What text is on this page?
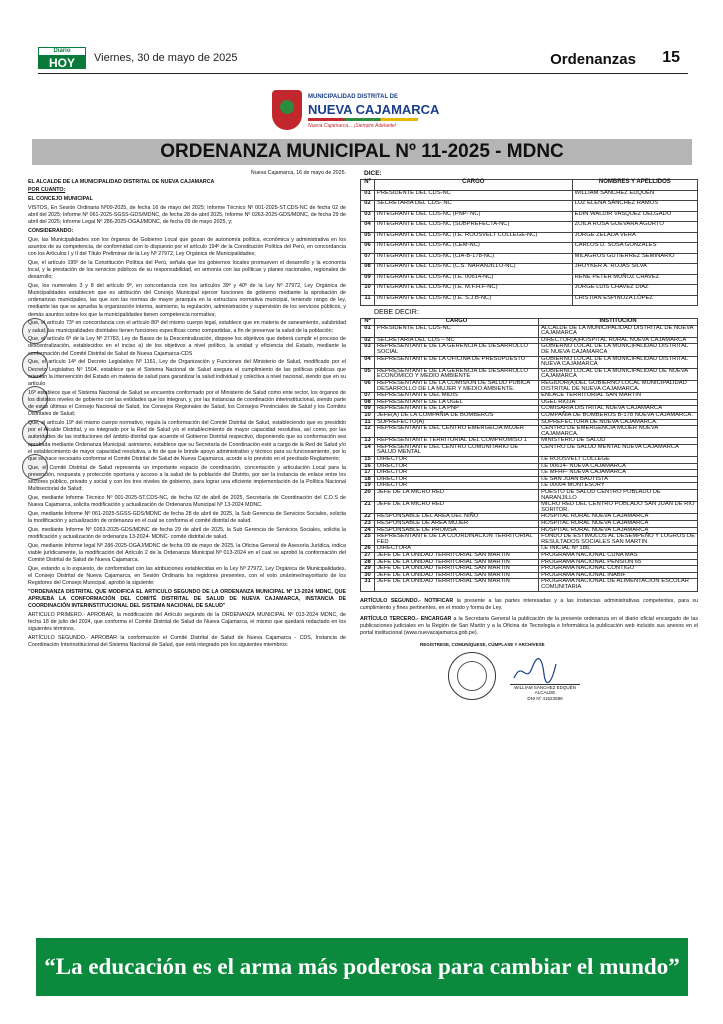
Diario
HOY	Viernes, 30 de mayo de 2025	Ordenanzas 15
MUNICIPALIDAD DISTRITAL DE
NUEVA CAJAMARCA
Nueva Cajamarca... ¡Siempre Adelante!
ORDENANZA MUNICIPAL Nº 11-2025 - MDNC

Nueva Cajamarca, 16 de mayo de 2025.

EL ALCALDE DE LA MUNICIPALIDAD DISTRITAL DE NUEVA CAJAMARCA

POR CUANTO:

EL CONCEJO MUNICIPAL

VISTOS, En Sesión Ordinaria Nº09-2025, de fecha 16 de mayo del 2025; Informe Técnico Nº 001-2025-ST.CDS-NC de fecha 02 de abril del 2025; Informe Nº 061-2025-SGSS-GDS/MDNC, de fecha 28 de abril 2025, Informe Nº 0263-2025-GDS/MDNC, de fecha 29 de abril del 2025; Informe Legal Nº 286-2025-OGAJ/MDNC, de fecha 09 de mayo 2025, y;

CONSIDERANDO:

Que, las Municipalidades son los órganos de Gobierno Local que gozan de autonomía política, económica y administrativa en los asuntos de su competencia, de conformidad con lo dispuesto por el artículo 194º de la Constitución Política del Perú, en concordancia con los Artículos I y II del Título Preliminar de la Ley Nº 27972, Ley Orgánica de Municipalidades;

Que, el artículo 195º de la Constitución Política del Perú, señala que los gobiernos locales promueven el desarrollo y la economía local, y la prestación de los servicios públicos de su responsabilidad, en armonía con las políticas y planes nacionales, regionales de desarrollo;

Que, los numerales 3 y 8 del artículo 9º, en concordancia con los artículos 39º y 40º de la Ley Nº 27972, Ley Orgánica de Municipalidades establecen que es atribución del Concejo Municipal ejercer funciones de gobierno mediante la aprobación de ordenanzas municipales, las que son las normas de mayor jerarquía en la estructura normativa municipal, teniendo rango de ley, mediante las que se aprueba la organización interna, asimismo, la regulación, administración y supervisión de los servicios públicos, y demás asuntos sobre los que la municipalidades tienen competencia normativa;

Que, el artículo 73º en concordancia con el artículo 80º del mismo cuerpo legal, establece que en materia de saneamiento, salubridad y salud, las municipalidades distritales tienen funciones específicas como compartidas, a fin de preservar la salud de la población;

Que, el artículo 6º de la Ley Nº 27783, Ley de Bases de la Descentralización, dispone los objetivos que deberá cumplir el proceso de descentralización, establecidos en el inciso a) de los objetivos a nivel político, la unidad y eficiencia del Estado, mediante la conformación del Comité Distrital de Salud de Nueva Cajamarca-CDS

Que, el artículo 14º del Decreto Legislativo Nº 1161, Ley de Organización y Funciones del Ministerio de Salud, modificado por el Decreto Legislativo Nº 1504, establece que el Sistema Nacional de Salud asegura el cumplimiento de las políticas públicas que orientan la intervención del Estado en materia de salud para garantizar la salud individual y colectiva a nivel nacional, siendo que en su artículo

16º establece que el Sistema Nacional de Salud se encuentra conformado por el Ministerio de Salud como ente rector, los órganos de los distintos niveles de gobierno con las entidades que los integran, y, por las instancias de coordinación interinstitucional, siendo parte de estas últimas el Consejo Nacional de Salud, los Consejos Regionales de Salud, los Consejos Provinciales de Salud y los Comités Distritales de Salud;

Que, el artículo 19º del mismo cuerpo normativo, regula la conformación del Comité Distrital de Salud, estableciendo que es presidido por el Alcalde Distrital, y es integrado por la Red de Salud y/o el establecimiento de mayor capacidad resolutiva, así como, por las autoridades de las instituciones del ámbito distrital que acuerde el Gobierno Distrital respectivo, disponiendo que su conformación sea aprobada mediante Ordenanza Municipal; asimismo, establece que su Secretaría de Coordinación esté a cargo de la Red de Salud y/o el establecimiento de mayor capacidad resolutiva, a fin de que le brinde apoyo administrativo y técnico para su funcionamiento, por lo que se hace necesario conformar el Comité Distrital de Salud de Nueva Cajamarca, acorde a lo previsto en el precitado Reglamento;

Que, el Comité Distrital de Salud representa un importante espacio de coordinación, concertación y articulación Local para la prevención, respuesta y protección oportuna y acceso a la salud de la población del Distrito, por ser la instancia de enlace entre los sectores público, privado y social y con los tres niveles de gobierno, para lograr una eficiente implementación de la Política Nacional Multisectorial de Salud;

Que, mediante Informe Técnico Nº 001-2025-ST.CDS-NC, de fecha 02 de abril de 2025, Secretaría de Coordinación del C.D.S de Nueva Cajamarca, solicita modificación y actualización de Ordenanza Municipal Nº 13-2024 MDNC.

Que, mediante Informe Nº 061-2025-SGSS-GDS/MDNC de fecha 28 de abril de 2025, la Sub Gerencia de Servicios Sociales, solicita la modificación y actualización de ordenanza en el cual se conforma el comité distrital de salud.

Que, mediante Informe Nº 0263-2025-GDS/MDNC de fecha 29 de abril de 2025, la Sub Gerencia de Servicios Sociales, solicita la modificación y actualización de ordenanza 13-2024- MDNC- comité distrital de salud.

Que, mediante Informe legal Nº 286-2025-OGAJ/MDNC de fecha 09 de mayo de 2025, la Oficina General de Asesoría Jurídica, indica viable jurídicamente, la modificación del Artículo 2 de la Ordenanza Municipal Nº 013-2024 en el cual se aprobó la conformación del Comité Distrital de Salud de Nueva Cajamarca.

Que, estando a lo expuesto, de conformidad con las atribuciones establecidas en la Ley Nº 27972, Ley Orgánica de Municipalidades, el Consejo Distrital de Nueva Cajamarca, en Sesión Ordinaria los regidores presentes, con el voto unánime/mayoritario de los Regidores del Consejo Municipal, aprobó la siguiente:

"ORDENANZA DISTRITAL QUE MODIFICA EL ARTICULO SEGUNDO DE LA ORDENANZA MUNICIPAL Nº 13-2024 MDNC, QUE APRUEBA LA CONFORMACIÓN DEL COMITÉ DISTRITAL DE SALUD DE NUEVA CAJAMARCA, INSTANCIA DE COORDINACIÓN INTERINSTITUCIONAL DEL SISTEMA NACIONAL DE SALUD"

ARTICULO PRIMERO.- APROBAR, la modificación del Artículo segundo de la ORDENANZA MUNICIPAL Nº 013-2024 MDNC, de fecha 18 de julio del 2024, que conforma el Comité Distrital de Salud de Nueva Cajamarca, el mismo que quedará redactado en los siguientes términos.

ARTÍCULO SEGUNDO.- APROBAR la conformación el Comité Distrital de Salud de Nueva Cajamarca - CDS, Instancia de Coordinación Interinstitucional del Sistema Nacional de Salud, que está integrado por los siguientes miembros:

DICE:
Nº	CARGO	NOMBRES Y APELLIDOS
01	PRESIDENTE DEL CDS-NC	WILLIAM SÁNCHEZ EDQUÉN
02	SECRETARIA DEL CDS- NC	LUZ ELENA SÁNCHEZ RAMOS
03	INTEGRANTE DEL CDS-NC (PNP- NC)	EDIN WALDIR VASQUEZ DELGADO
04	INTEGRANTE DEL CDS-NC (SUBPREFECTA-NC)	ZOILA ROSA GUEVARA AGURTO
05	INTEGRANTE DEL CDS-NC (I.E. ROOSVELT COLLEGE-NC)	JORGE ZELADA VERA
06	INTEGRANTE DEL CDS-NC (CEM-NC)	CARLOS D. SOSA GONZALES
07	INTEGRANTE DEL CDS-NC (CIA-B-178-NC)	MILAGROS GUTIERREZ SEMINARIO
08	INTEGRANTE DEL CDS-NC (C.S. NARANJILLO-NC)	JHOYKER A. ROJAS SILVA
09	INTEGRANTE DEL CDS-NC (I.E. 00614-NC)	RENE PETER MUÑOZ CHAVEZ
10	INTEGRANTE DEL CDS-NC (I.E. M.F.H.F-NC)	JORGE LUIS CHAVEZ DIAZ
11	INTEGRANTE DEL CDS-NC (I.E. S.J.B-NC)	CRISTIAN ESPINOZA LÓPEZ
DEBE DECIR:
Nº	CARGO	INSTITUCION
01	PRESIDENTE DEL CDS-NC	ALCALDE DE LA MUNICIPALIDAD DISTRITAL DE NUEVA CAJAMARCA
02	SECRETARIA DEL CDS – NC	DIRECTOR(A)HOSPITAL RURAL NUEVA CAJAMARCA
03	REPRESENTANTE DE LA GERENCIA DE DESARROLLO SOCIAL	GOBIERNO LOCAL DE LA MUNICIPALIDAD DISTRITAL DE NUEVA CAJAMARCA
04	REPRESENTANTE DE LA OFICINA DE PRESUPUESTO	GOBIERNO LOCAL DE LA MUNICIPALIDAD DISTRITAL NUEVA CAJAMARCA
05	REPRESENTANTE DE LA GERENCIA DE DESARROLLO ECONÓMICO Y MEDIO AMBIENTE	GOBIERNO LOCAL DE LA MUNICIPALIDAD DE NUEVA CAJAMARCA
06	REPRESENTANTE DE LA COMISION DE SALUD PUBICA DESARROLLO DE LA MUJER Y MEDIO AMBIENTE.	REGIDOR(A)DEL GOBIERNO LOCAL MUNICIPALIDAD DISTRITAL DE NUEVA CAJAMARCA.
07	REPRESENTANTE DEL MIDIS	ENLACE TERRITORIAL SAN MARTIN
08	REPRESENTANTE DE LA UGEL	UGEL RIOJA
09	REPRESENTANTE DE LA PNP	COMISARIA DISTRITAL NUEVA CAJAMARCA
10	JEFE(A) DE LA COMPAÑIA DE BOMBEROS	COMPAÑIA DE BOMBEROS B-178 NUEVA CAJAMARCA.
11	SUPREFECTO(A)	SUPREFECTURA DE NUEVA CAJAMARCA.
12	REPRESENTANTE DEL CENTRO EMERGECIA MUJER	CENTRO DE EMERGENCIA MUJER NUEVA CAJAMARCA.
13	REPRESENTANTE TERRITORIAL DEL COMPROMISO 1	MINISTERIO DE SALUD
14	REPRESENTANTE DEL CENTRO COMUNITARIO DE SALUD MENTAL	CENTRO DE SALUD MENTAL NUEVA CAJAMARCA
15	DIRECTOR	I.E ROOSVELT COLLEGE
16	DIRECTOR	I.E 00614- NUEVA CAJAMARCA
17	DIRECTOR	I.E MFHF- NUEVA CAJAMARCA
18	DIRECTOR	I.E SAN JUAN BAUTISTA
19	DIRECTOR	I.E 00004 MONTESORY
20	JEFE DE LA MICRO RED	PUESTO DE SALUD CENTRO POBLADO DE NARANJILLO
21	JEFE DE LA MICRO RED	MICRO RED DEL CENTRO POBLADO SAN JUAN DE RIO SORITOR.
22	RESPONSABLE DEL AREA DEL NIÑO	HOSPITAL RURAL NUEVA CAJAMARCA
23	RESPONSABLE DE AREA MUJER	HOSPITAL RURAL NUEVA CAJAMARCA
24	RESPONSABLE DE PROMSA	HOSPITAL RURAL NUEVA CAJAMARCA
25	REPRESENTANTE DE LA COORDINACION TERRITORIAL FED	FONDO DE ESTIMULOS AL DESEMPEÑO Y LOGROS DE RESULTADOS SOCIALES SAN MARTIN
26	DIRECTORA	I.E INICIAL Nº 186.
27	JEFE DE LA UNIDAD TERRITORIAL SAN MARTIN	PROGRAMA NACIONAL CUNA MAS
28	JEFE DE LA UNIDAD TERRITORIAL SAN MARTIN	PROGRAMA NACIONAL PENSION 65
29	JEFE DE LA UNIDAD TERRITORIAL SAN MARTIN	PROGRAMA NACIONAL CONTIGO
30	JEFE DE LA UNIDAD TERRITORIAL SAN MARTIN	PROGRAMA NACIONAL INABIF
31	JEFE DE LA UNIDAD TERRITORIAL SAN MARTIN	PROGRAMA NACIONAL DE ALIMENTACION ESCOLAR COMUNITARIA

ARTÍCULO SEGUNDO.- NOTIFICAR la presente a las partes interesadas y a las instancias administrativas competentes, para su cumplimiento y fines pertinentes, en el modo y forma de Ley.

ARTÍCULO TERCERO.- ENCARGAR a la Secretaria General la publicación de la presente ordenanza en el diario oficial encargado de las publicaciones judiciales en la Región de San Martín y a la Oficina de Tecnología e Informática la publicación web incluido sus anexos en el portal institucional (www.nuevacajamarca.gob.pe).

REGÍSTRESE, COMUNÍQUESE, CÚMPLASE Y ARCHÍVESE
WILLIAM SÁNCHEZ EDQUÉN
ALCALDE
DNI Nº 41623598
“La educación es el arma más poderosa para cambiar el mundo”
